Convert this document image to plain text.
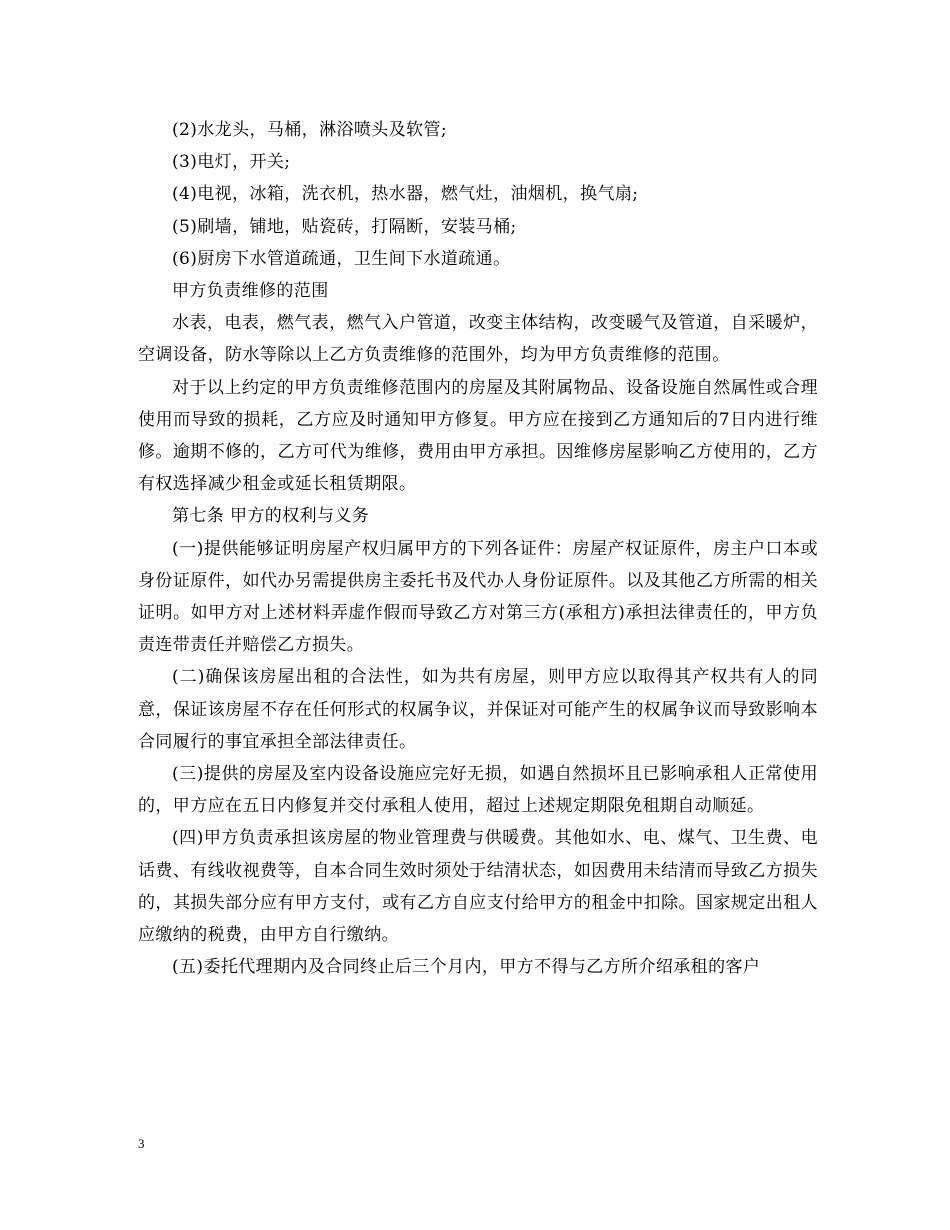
(2)水龙头，马桶，淋浴喷头及软管;

(3)电灯，开关;

(4)电视，冰箱，洗衣机，热水器，燃气灶，油烟机，换气扇;

(5)刷墙，铺地，贴瓷砖，打隔断，安装马桶;

(6)厨房下水管道疏通，卫生间下水道疏通。

甲方负责维修的范围

水表，电表，燃气表，燃气入户管道，改变主体结构，改变暖气及管道，自采暖炉，空调设备，防水等除以上乙方负责维修的范围外，均为甲方负责维修的范围。

对于以上约定的甲方负责维修范围内的房屋及其附属物品、设备设施自然属性或合理使用而导致的损耗，乙方应及时通知甲方修复。甲方应在接到乙方通知后的7日内进行维修。逾期不修的，乙方可代为维修，费用由甲方承担。因维修房屋影响乙方使用的，乙方有权选择减少租金或延长租赁期限。

第七条 甲方的权利与义务

(一)提供能够证明房屋产权归属甲方的下列各证件：房屋产权证原件，房主户口本或身份证原件，如代办另需提供房主委托书及代办人身份证原件。以及其他乙方所需的相关证明。如甲方对上述材料弄虚作假而导致乙方对第三方(承租方)承担法律责任的，甲方负责连带责任并赔偿乙方损失。

(二)确保该房屋出租的合法性，如为共有房屋，则甲方应以取得其产权共有人的同意，保证该房屋不存在任何形式的权属争议，并保证对可能产生的权属争议而导致影响本合同履行的事宜承担全部法律责任。

(三)提供的房屋及室内设备设施应完好无损，如遇自然损坏且已影响承租人正常使用的，甲方应在五日内修复并交付承租人使用，超过上述规定期限免租期自动顺延。

(四)甲方负责承担该房屋的物业管理费与供暖费。其他如水、电、煤气、卫生费、电话费、有线收视费等，自本合同生效时须处于结清状态，如因费用未结清而导致乙方损失的，其损失部分应有甲方支付，或有乙方自应支付给甲方的租金中扣除。国家规定出租人应缴纳的税费，由甲方自行缴纳。

(五)委托代理期内及合同终止后三个月内，甲方不得与乙方所介绍承租的客户

3
